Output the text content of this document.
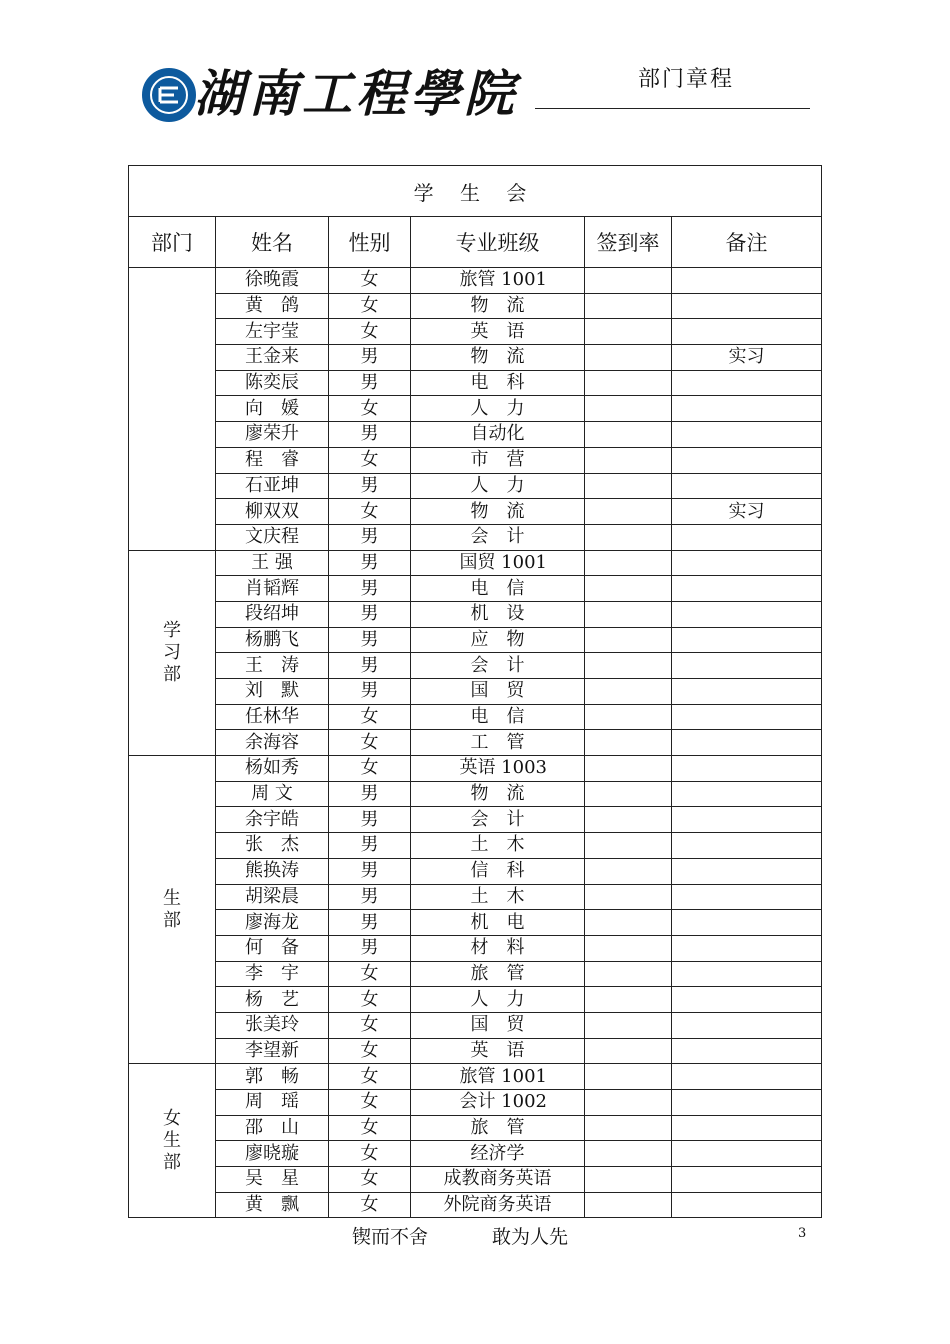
湖南工程學院	部门章程
学 生 会					
部门	姓名	性别	专业班级	签到率	备注
	徐晚霞	女	旅管 1001		
	黄　鸽	女	物　流		
	左宇莹	女	英　语		
	王金来	男	物　流		实习
	陈奕辰	男	电　科		
	向　媛	女	人　力		
	廖荣升	男	自动化		
	程　睿	女	市　营		
	石亚坤	男	人　力		
	柳双双	女	物　流		实习
	文庆程	男	会　计		
学习部	王 强	男	国贸 1001		
	肖韬辉	男	电　信		
	段绍坤	男	机　设		
	杨鹏飞	男	应　物		
	王　涛	男	会　计		
	刘　默	男	国　贸		
	任林华	女	电　信		
	余海容	女	工　管		
生部	杨如秀	女	英语 1003		
	周 文	男	物　流		
	余宇皓	男	会　计		
	张　杰	男	土　木		
	熊换涛	男	信　科		
	胡梁晨	男	土　木		
	廖海龙	男	机　电		
	何　备	男	材　料		
	李　宇	女	旅　管		
	杨　艺	女	人　力		
	张美玲	女	国　贸		
	李望新	女	英　语		
女生部	郭　畅	女	旅管 1001		
	周　瑶	女	会计 1002		
	邵　山	女	旅　管		
	廖晓璇	女	经济学		
	吴　星	女	成教商务英语		
	黄　飘	女	外院商务英语		
锲而不舍	敢为人先	3
